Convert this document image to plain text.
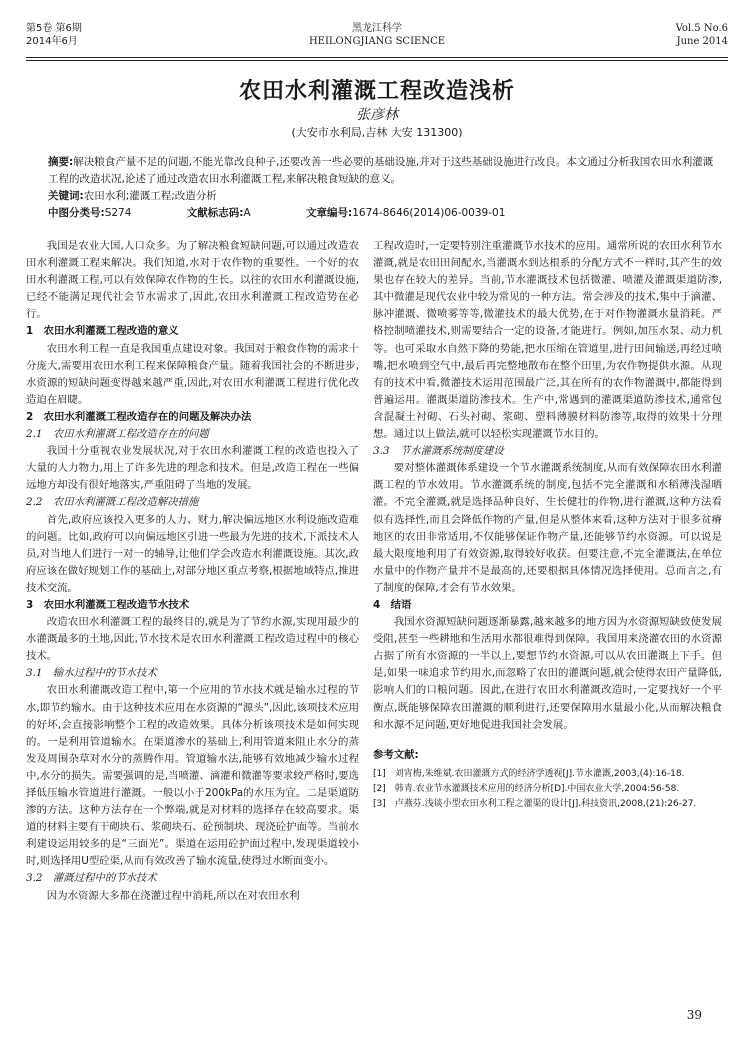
第5卷 第6期
2014年6月
黑龙江科学
HEILONGJIANG SCIENCE
Vol.5 No.6
June 2014
农田水利灌溉工程改造浅析
张彦林
(大安市水利局,吉林 大安 131300)
摘要:解决粮食产量不足的问题,不能光靠改良种子,还要改善一些必要的基础设施,并对于这些基础设施进行改良。本文通过分析我国农田水利灌溉工程的改造状况,论述了通过改造农田水利灌溉工程,来解决粮食短缺的意义。
关键词:农田水利;灌溉工程;改造分析
中图分类号:S274	文献标志码:A	文章编号:1674-8646(2014)06-0039-01

我国是农业大国,人口众多。为了解决粮食短缺问题,可以通过改造农田水利灌溉工程来解决。我们知道,水对于农作物的重要性。一个好的农田水利灌溉工程,可以有效保障农作物的生长。以往的农田水利灌溉设施,已经不能满足现代社会节水需求了,因此,农田水利灌溉工程改造势在必行。

1　农田水利灌溉工程改造的意义

农田水利工程一直是我国重点建设对象。我国对于粮食作物的需求十分庞大,需要用农田水利工程来保障粮食产量。随着我国社会的不断进步,水资源的短缺问题变得越来越严重,因此,对农田水利灌溉工程进行优化改造迫在眉睫。

2　农田水利灌溉工程改造存在的问题及解决办法

2.1　农田水利灌溉工程改造存在的问题

我国十分重视农业发展状况,对于农田水利灌溉工程的改造也投入了大量的人力物力,用上了许多先进的理念和技术。但是,改造工程在一些偏远地方却没有很好地落实,严重阻碍了当地的发展。

2.2　农田水利灌溉工程改造解决措施

首先,政府应该投入更多的人力、财力,解决偏远地区水利设施改造难的问题。比如,政府可以向偏远地区引进一些最为先进的技术,下派技术人员,对当地人们进行一对一的辅导,让他们学会改造水利灌溉设施。其次,政府应该在做好规划工作的基础上,对部分地区重点考察,根据地域特点,推进技术交流。

3　农田水利灌溉工程改造节水技术

改造农田水利灌溉工程的最终目的,就是为了节约水源,实现用最少的水灌溉最多的土地,因此,节水技术是农田水利灌溉工程改造过程中的核心技术。

3.1　输水过程中的节水技术

农田水利灌溉改造工程中,第一个应用的节水技术就是输水过程的节水,即节约输水。由于这种技术应用在水资源的“源头”,因此,该项技术应用的好坏,会直接影响整个工程的改造效果。具体分析该项技术是如何实现的。一是利用管道输水。在渠道渗水的基础上,利用管道来阻止水分的蒸发及周围杂草对水分的蒸腾作用。管道输水法,能够有效地减少输水过程中,水分的损失。需要强调的是,当喷灌、滴灌和微灌等要求较严格时,要选择低压输水管道进行灌溉。一般以小于200kPa的水压为宜。二是渠道防渗的方法。这种方法存在一个弊端,就是对材料的选择存在较高要求。渠道的材料主要有干砌块石、浆砌块石、砼预制块、现浇砼护面等。当前水利建设运用较多的是“三面光”。渠道在运用砼护面过程中,发现渠道较小时,则选择用U型砼渠,从而有效改善了输水流量,使得过水断面变小。

3.2　灌溉过程中的节水技术

因为水资源大多都在浇灌过程中消耗,所以在对农田水利

工程改造时,一定要特别注重灌溉节水技术的应用。通常所说的农田水利节水灌溉,就是农田田间配水,当灌溉水到达根系的分配方式不一样时,其产生的效果也存在较大的差异。当前,节水灌溉技术包括微灌、喷灌及灌溉渠道防渗,其中微灌是现代农业中较为常见的一种方法。常会涉及的技术,集中于滴灌、脉冲灌溉、微喷雾等等,微灌技术的最大优势,在于对作物灌溉水量消耗。严格控制喷灌技术,则需要结合一定的设备,才能进行。例如,加压水泵、动力机等。也可采取水自然下降的势能,把水压缩在管道里,进行田间输送,再经过喷嘴,把水喷到空气中,最后再完整地散布在整个田里,为农作物提供水源。从现有的技术中看,微灌技术运用范围最广泛,其在所有的农作物灌溉中,都能得到普遍运用。灌溉渠道防渗技术。生产中,常遇到的灌溉渠道防渗技术,通常包含混凝土衬砌、石头衬砌、浆砌、塑料薄膜材料防渗等,取得的效果十分理想。通过以上做法,就可以轻松实现灌溉节水目的。

3.3　节水灌溉系统制度建设

要对整体灌溉体系建设一个节水灌溉系统制度,从而有效保障农田水利灌溉工程的节水效用。节水灌溉系统的制度,包括不完全灌溉和水稻薄浅湿晒灌。不完全灌溉,就是选择品种良好、生长健壮的作物,进行灌溉,这种方法看似有选择性,而且会降低作物的产量,但是从整体来看,这种方法对于很多贫瘠地区的农田非常适用,不仅能够保证作物产量,还能够节约水资源。可以说是最大限度地利用了有效资源,取得较好收获。但要注意,不完全灌溉法,在单位水量中的作物产量并不是最高的,还要根据具体情况选择使用。总而言之,有了制度的保障,才会有节水效果。

4　结语

我国水资源短缺问题逐渐暴露,越来越多的地方因为水资源短缺致使发展受阻,甚至一些耕地和生活用水都很难得到保障。我国用来浇灌农田的水资源占据了所有水资源的一半以上,要想节约水资源,可以从农田灌溉上下手。但是,如果一味追求节约用水,而忽略了农田的灌溉问题,就会使得农田产量降低,影响人们的口粮问题。因此,在进行农田水利灌溉改造时,一定要找好一个平衡点,既能够保障农田灌溉的顺利进行,还要保障用水量最小化,从而解决粮食和水源不足问题,更好地促进我国社会发展。

参考文献:
[1]　刘宵梅,朱维斌.农田灌溉方式的经济学透视[J].节水灌溉,2003,(4):16-18.
[2]　韩青.农业节水灌溉技术应用的经济分析[D].中国农业大学,2004:56-58.
[3]　卢燕芬.浅谈小型农田水利工程之灌渠的设计[J].科技资讯,2008,(21):26-27.
39
